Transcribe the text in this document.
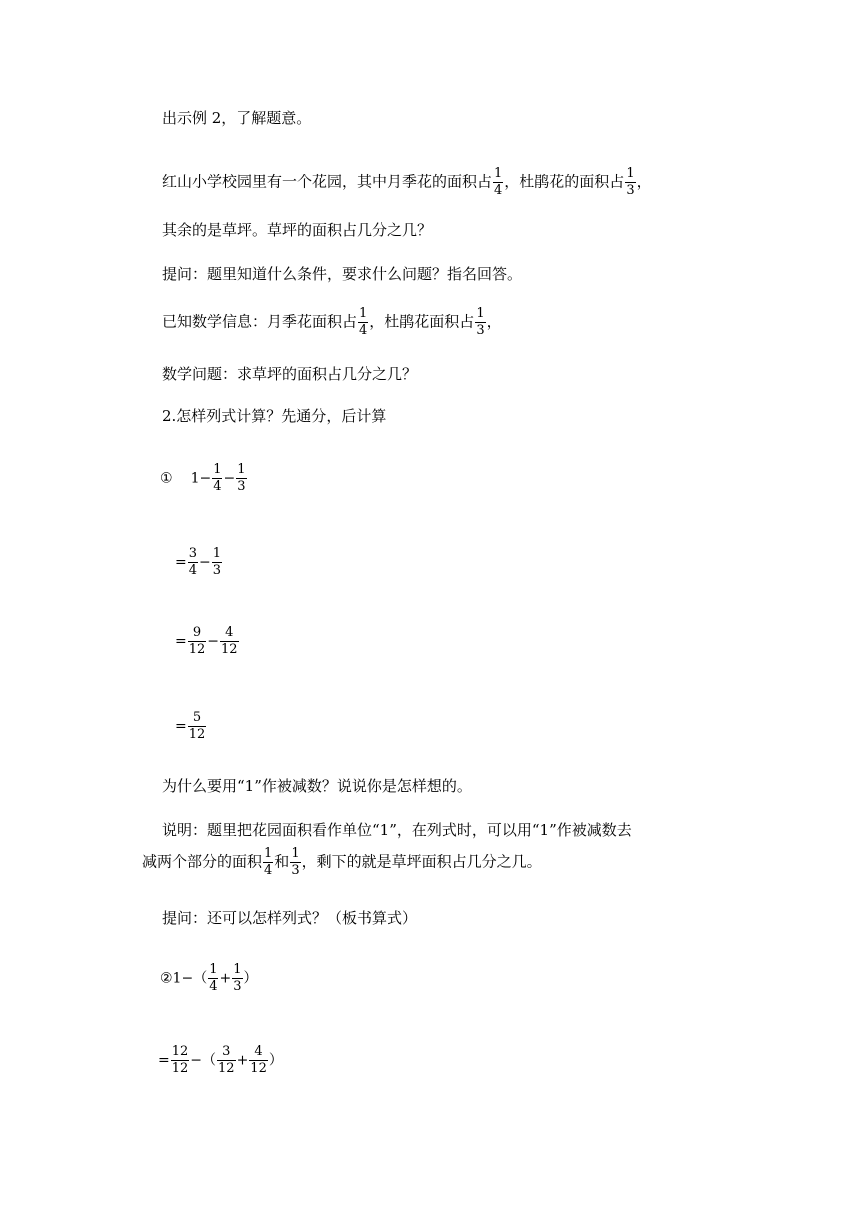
出示例 2，了解题意。
红山小学校园里有一个花园，其中月季花的面积占 $\frac{1}{4}$ ，杜鹃花的面积占 $\frac{1}{3}$ ，
其余的是草坪。草坪的面积占几分之几？
提问：题里知道什么条件，要求什么问题？指名回答。
已知数学信息：月季花面积占 $\frac{1}{4}$ ，杜鹃花面积占 $\frac{1}{3}$ ，
数学问题：求草坪的面积占几分之几？
2.怎样列式计算？先通分，后计算
① $1- \frac{1}{4} - \frac{1}{3}$
= $\frac{3}{4} - \frac{1}{3}$
= $\frac{9}{12} - \frac{4}{12}$
= $\frac{5}{12}$
为什么要用“1”作被减数？说说你是怎样想的。
说明：题里把花园面积看作单位“1”，在列式时，可以用“1”作被减数去
减两个部分的面积 $\frac{1}{4}$ 和 $\frac{1}{3}$ ，剩下的就是草坪面积占几分之几。
提问：还可以怎样列式？（板书算式）
②1−（ $\frac{1}{4} + \frac{1}{3}$ ）
= $\frac{12}{12}$ −（ $\frac{3}{12} + \frac{4}{12}$ ）
